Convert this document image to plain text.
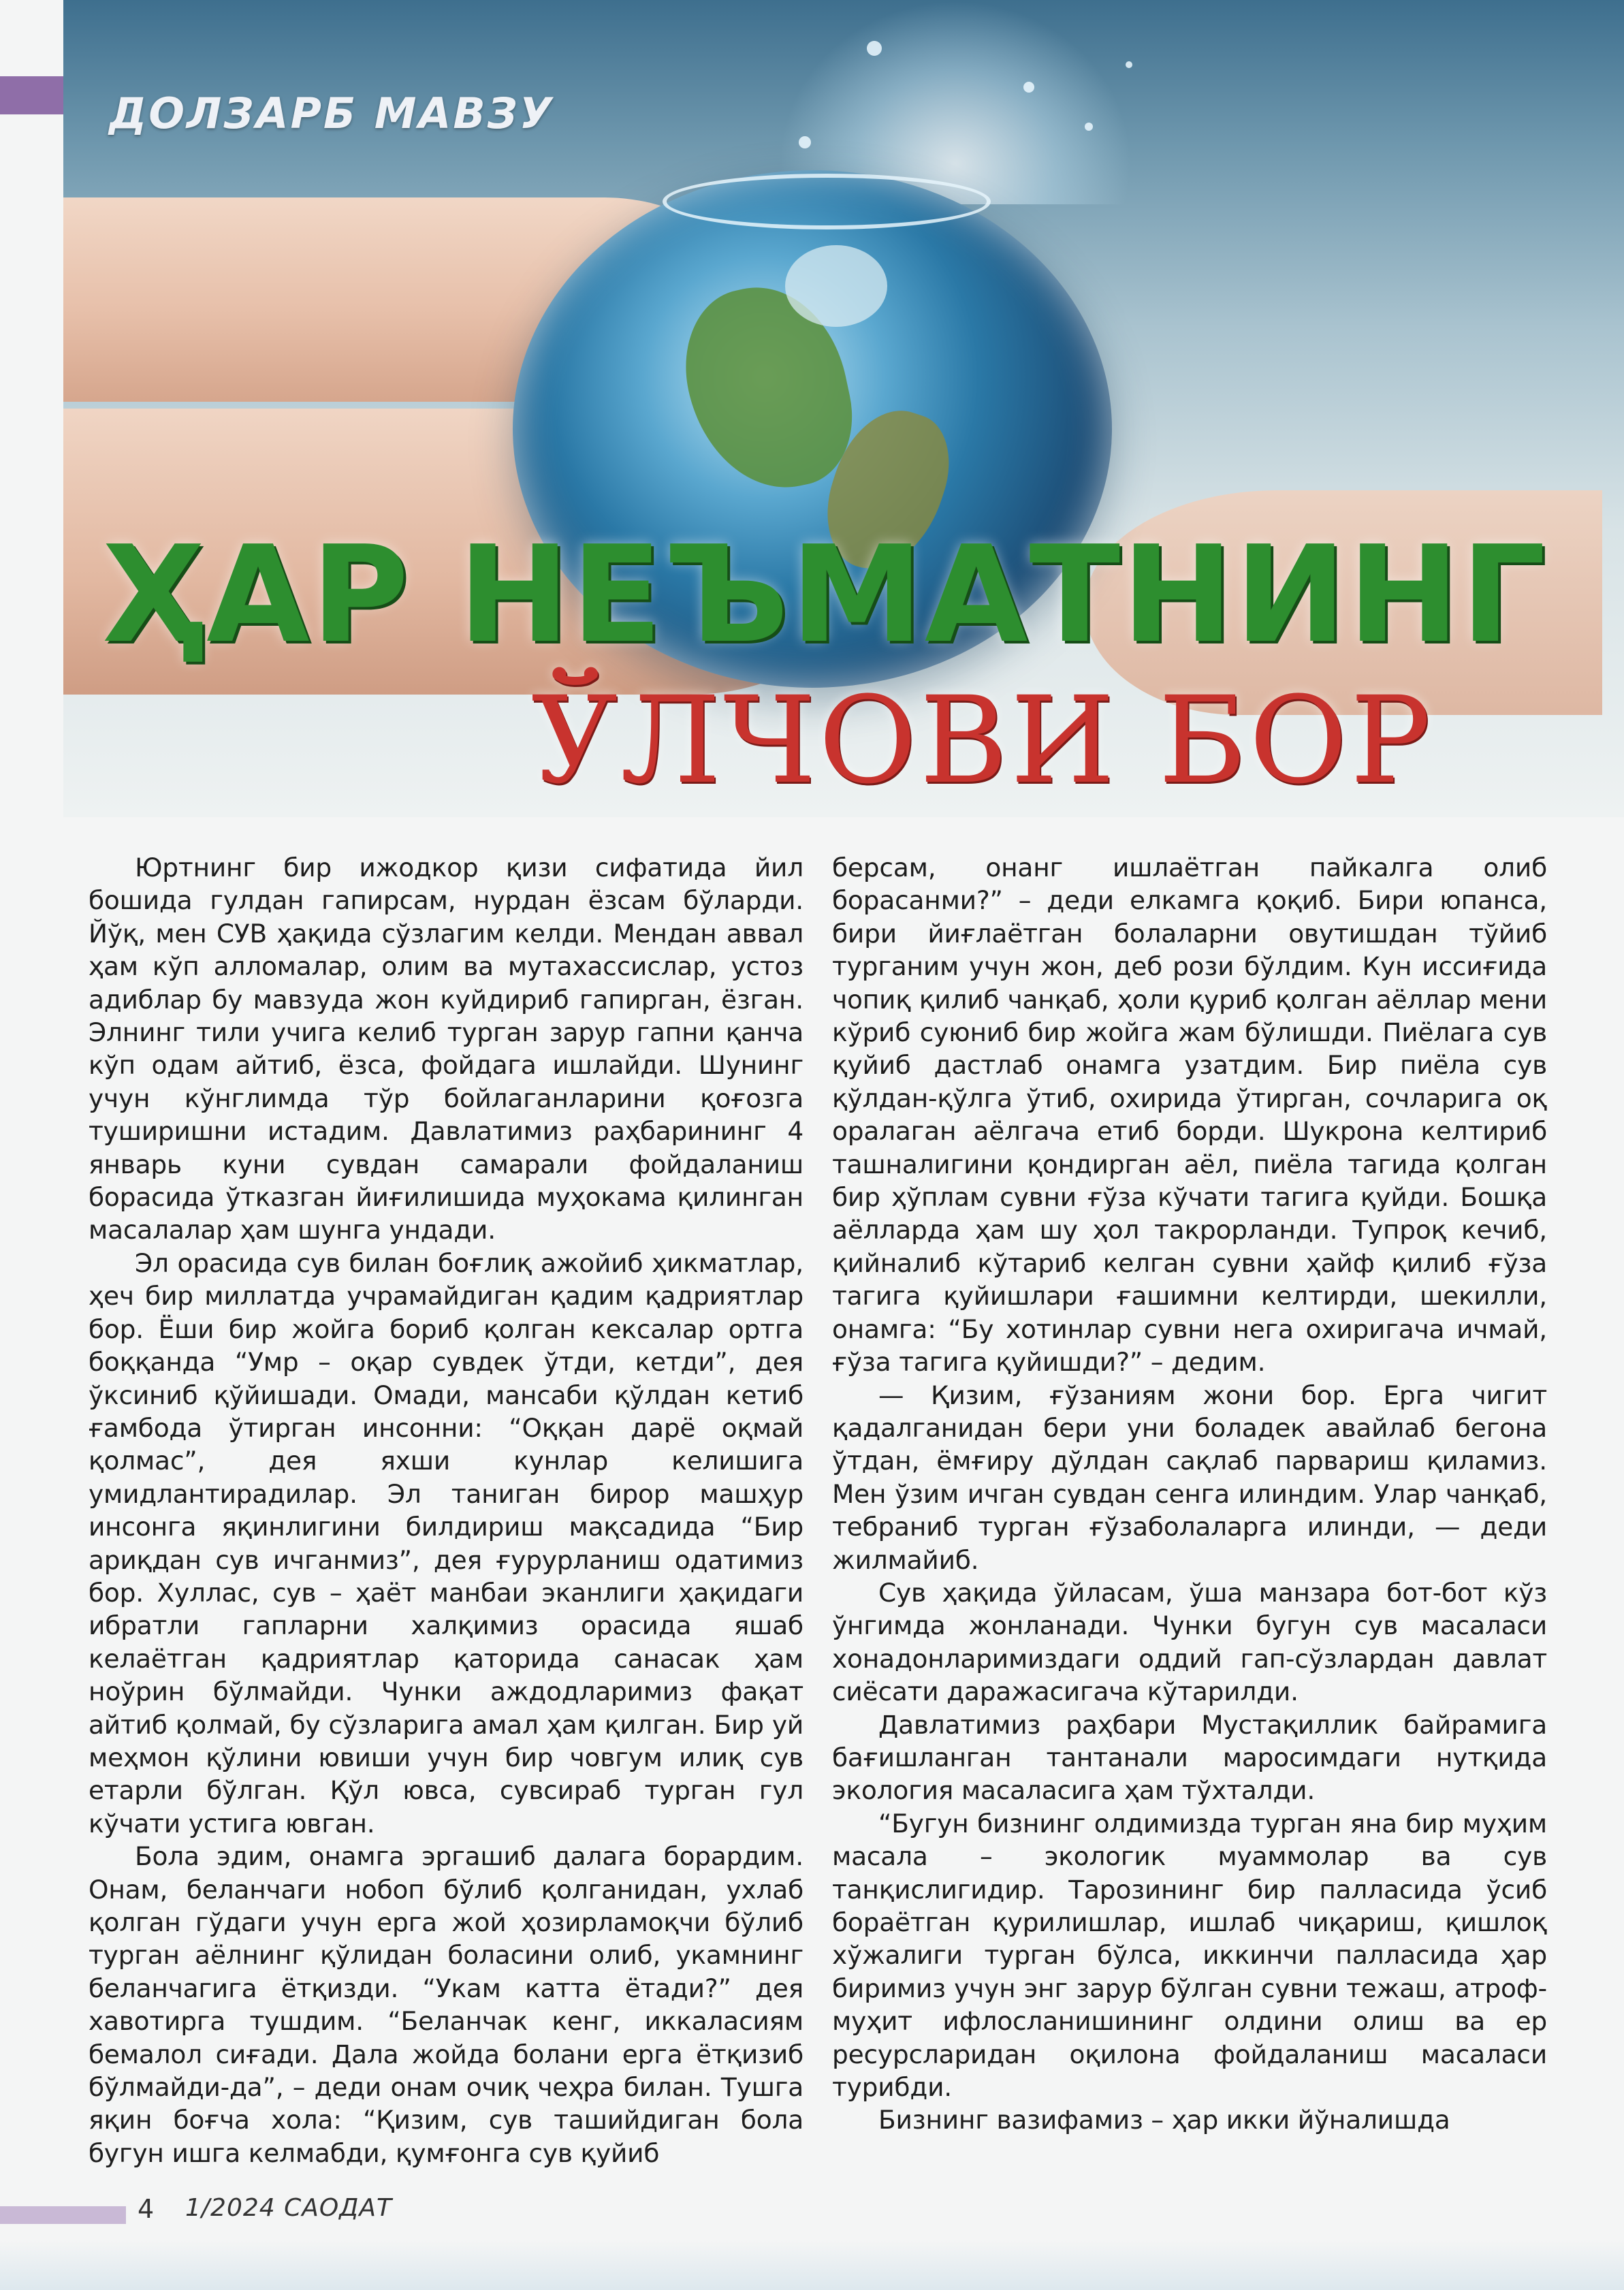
ДОЛЗАРБ МАВЗУ
ҲАР НЕЪМАТНИНГ
ЎЛЧОВИ БОР

Юртнинг бир ижодкор қизи сифатида йил бошида гулдан гапирсам, нурдан ёзсам бўларди. Йўқ, мен СУВ ҳақида сўзлагим келди. Мендан аввал ҳам кўп алломалар, олим ва мутахассислар, устоз адиблар бу мавзуда жон куйдириб гапирган, ёзган. Элнинг тили учига келиб турган зарур гапни қанча кўп одам айтиб, ёзса, фойдага ишлайди. Шунинг учун кўнглимда тўр бойлаганларини қоғозга туширишни истадим. Давлатимиз раҳбарининг 4 январь куни сувдан самарали фойдаланиш борасида ўтказган йиғилишида муҳокама қилинган масалалар ҳам шунга ундади.

Эл орасида сув билан боғлиқ ажойиб ҳикматлар, ҳеч бир миллатда учрамайдиган қадим қадриятлар бор. Ёши бир жойга бориб қолган кексалар ортга боққанда “Умр – оқар сувдек ўтди, кетди”, дея ўксиниб қўйишади. Омади, мансаби қўлдан кетиб ғамбода ўтирган инсонни: “Оққан дарё оқмай қолмас”, дея яхши кунлар келишига умидлантирадилар. Эл таниган бирор машҳур инсонга яқинлигини билдириш мақсадида “Бир ариқдан сув ичганмиз”, дея ғурурланиш одатимиз бор. Хуллас, сув – ҳаёт манбаи эканлиги ҳақидаги ибратли гапларни халқимиз орасида яшаб келаётган қадриятлар қаторида санасак ҳам ноўрин бўлмайди. Чунки аждодларимиз фақат айтиб қолмай, бу сўзларига амал ҳам қилган. Бир уй меҳмон қўлини ювиши учун бир човгум илиқ сув етарли бўлган. Қўл ювса, сувсираб турган гул кўчати устига ювган.

Бола эдим, онамга эргашиб далага борардим. Онам, беланчаги нобоп бўлиб қолганидан, ухлаб қолган гўдаги учун ерга жой ҳозирламоқчи бўлиб турган аёлнинг қўлидан боласини олиб, укамнинг беланчагига ётқизди. “Укам катта ётади?” дея хавотирга тушдим. “Беланчак кенг, иккаласиям бемалол сиғади. Дала жойда болани ерга ётқизиб бўлмайди-да”, – деди онам очиқ чеҳра билан. Тушга яқин боғча хола: “Қизим, сув ташийдиган бола бугун ишга келмабди, қумғонга сув қуйиб

берсам, онанг ишлаётган пайкалга олиб борасанми?” – деди елкамга қоқиб. Бири юпанса, бири йиғлаётган болаларни овутишдан тўйиб турганим учун жон, деб рози бўлдим. Кун иссиғида чопиқ қилиб чанқаб, ҳоли қуриб қолган аёллар мени кўриб суюниб бир жойга жам бўлишди. Пиёлага сув қуйиб дастлаб онамга узатдим. Бир пиёла сув қўлдан-қўлга ўтиб, охирида ўтирган, сочларига оқ оралаган аёлгача етиб борди. Шукрона келтириб ташналигини қондирган аёл, пиёла тагида қолган бир ҳўплам сувни ғўза кўчати тагига қуйди. Бошқа аёлларда ҳам шу ҳол такрорланди. Тупроқ кечиб, қийналиб кўтариб келган сувни ҳайф қилиб ғўза тагига қуйишлари ғашимни келтирди, шекилли, онамга: “Бу хотинлар сувни нега охиригача ичмай, ғўза тагига қуйишди?” – дедим.

— Қизим, ғўзаниям жони бор. Ерга чигит қадалганидан бери уни боладек авайлаб бегона ўтдан, ёмғиру дўлдан сақлаб парвариш қиламиз. Мен ўзим ичган сувдан сенга илиндим. Улар чанқаб, тебраниб турган ғўзаболаларга илинди, — деди жилмайиб.

Сув ҳақида ўйласам, ўша манзара бот-бот кўз ўнгимда жонланади. Чунки бугун сув масаласи хонадонларимиздаги оддий гап-сўзлардан давлат сиёсати даражасигача кўтарилди.

Давлатимиз раҳбари Мустақиллик байрамига бағишланган тантанали маросимдаги нутқида экология масаласига ҳам тўхталди.

“Бугун бизнинг олдимизда турган яна бир муҳим масала – экологик муаммолар ва сув танқислигидир. Тарозининг бир палласида ўсиб бораётган қурилишлар, ишлаб чиқариш, қишлоқ хўжалиги турган бўлса, иккинчи палласида ҳар биримиз учун энг зарур бўлган сувни тежаш, атроф-муҳит ифлосланишининг олдини олиш ва ер ресурсларидан оқилона фойдаланиш масаласи турибди.

Бизнинг вазифамиз – ҳар икки йўналишда

4 1/2024 САОДАТ
